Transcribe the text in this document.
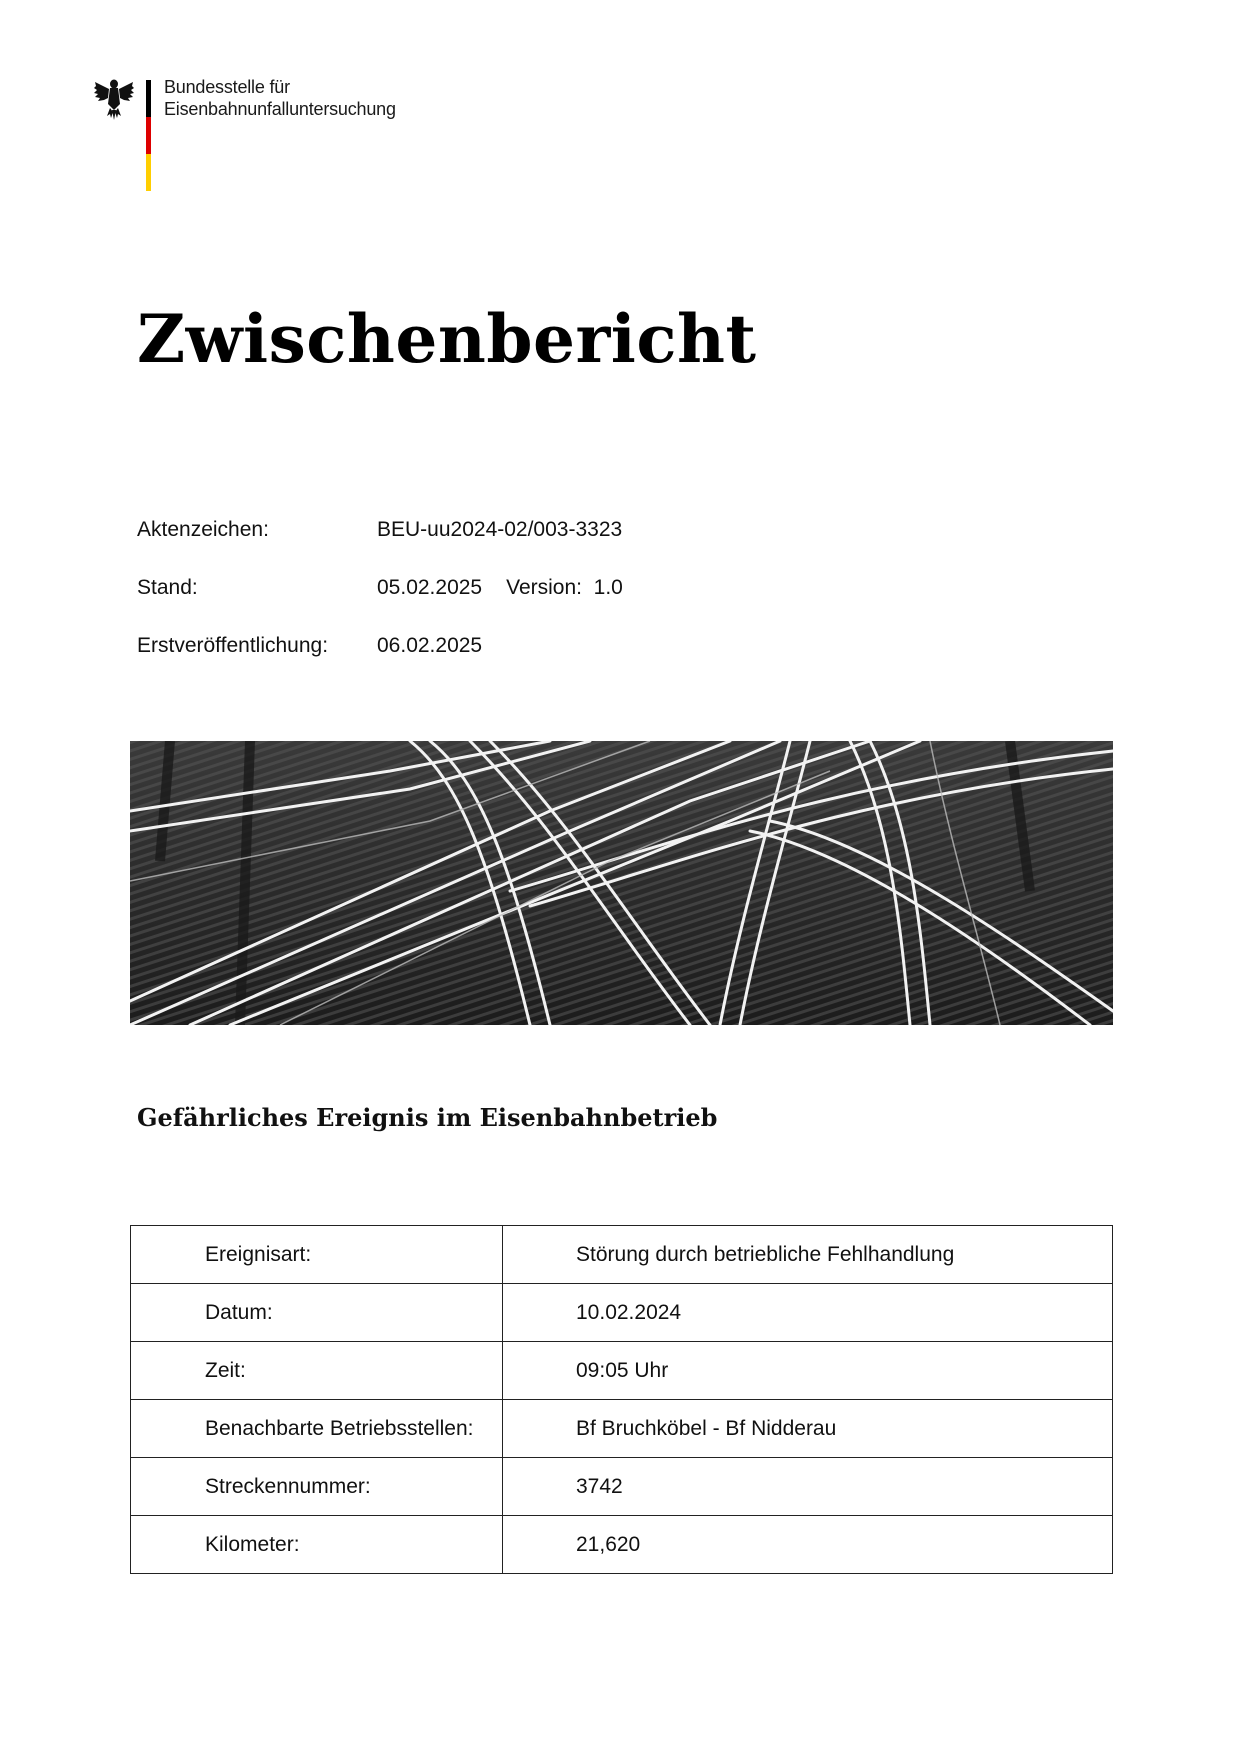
Bundesstelle für
Eisenbahnunfalluntersuchung
Zwischenbericht
Aktenzeichen:	BEU-uu2024-02/003-3323
Stand:	05.02.2025 Version: 1.0
Erstveröffentlichung: 06.02.2025
Gefährliches Ereignis im Eisenbahnbetrieb
Ereignisart:	Störung durch betriebliche Fehlhandlung
Datum:	10.02.2024
Zeit:	09:05 Uhr
Benachbarte Betriebsstellen:	Bf Bruchköbel - Bf Nidderau
Streckennummer:	3742
Kilometer:	21,620
